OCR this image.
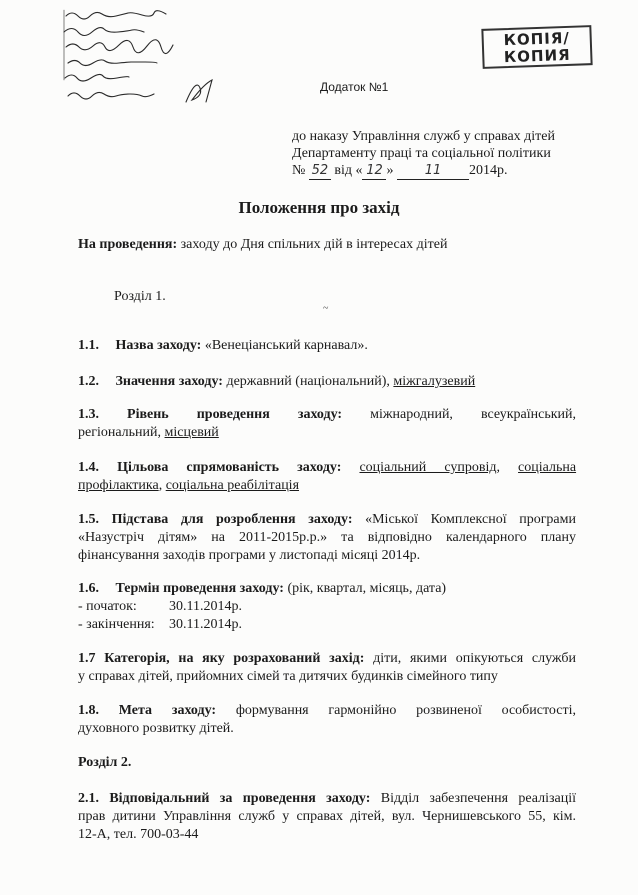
КОПІЯ/
КОПИЯ
Додаток №1
до наказу Управління служб у справах дітей
Департаменту праці та соціальної політики
№ 52 від « 12 » 11 2014р.
Положення про захід
На проведення: заходу до Дня спільних дій в інтересах дітей
Розділ 1.
~
1.1. Назва заходу: «Венеціанський карнавал».
1.2. Значення заходу: державний (національний), міжгалузевий
1.3. Рівень проведення заходу: міжнародний, всеукраїнський,
регіональний, місцевий
1.4. Цільова спрямованість заходу: соціальний супровід, соціальна
профілактика, соціальна реабілітація
1.5. Підстава для розроблення заходу: «Міської Комплексної програми
«Назустріч дітям» на 2011-2015р.р.» та відповідно календарного плану
фінансування заходів програми у листопаді місяці 2014р.
1.6. Термін проведення заходу: (рік, квартал, місяць, дата)
- початок: 30.11.2014р.
- закінчення: 30.11.2014р.
1.7 Категорія, на яку розрахований захід: діти, якими опікуються служби
у справах дітей, прийомних сімей та дитячих будинків сімейного типу
1.8. Мета заходу: формування гармонійно розвиненої особистості,
духовного розвитку дітей.
Розділ 2.
2.1. Відповідальний за проведення заходу: Відділ забезпечення реалізації
прав дитини Управління служб у справах дітей, вул. Чернишевського 55, кім.
12-А, тел. 700-03-44
